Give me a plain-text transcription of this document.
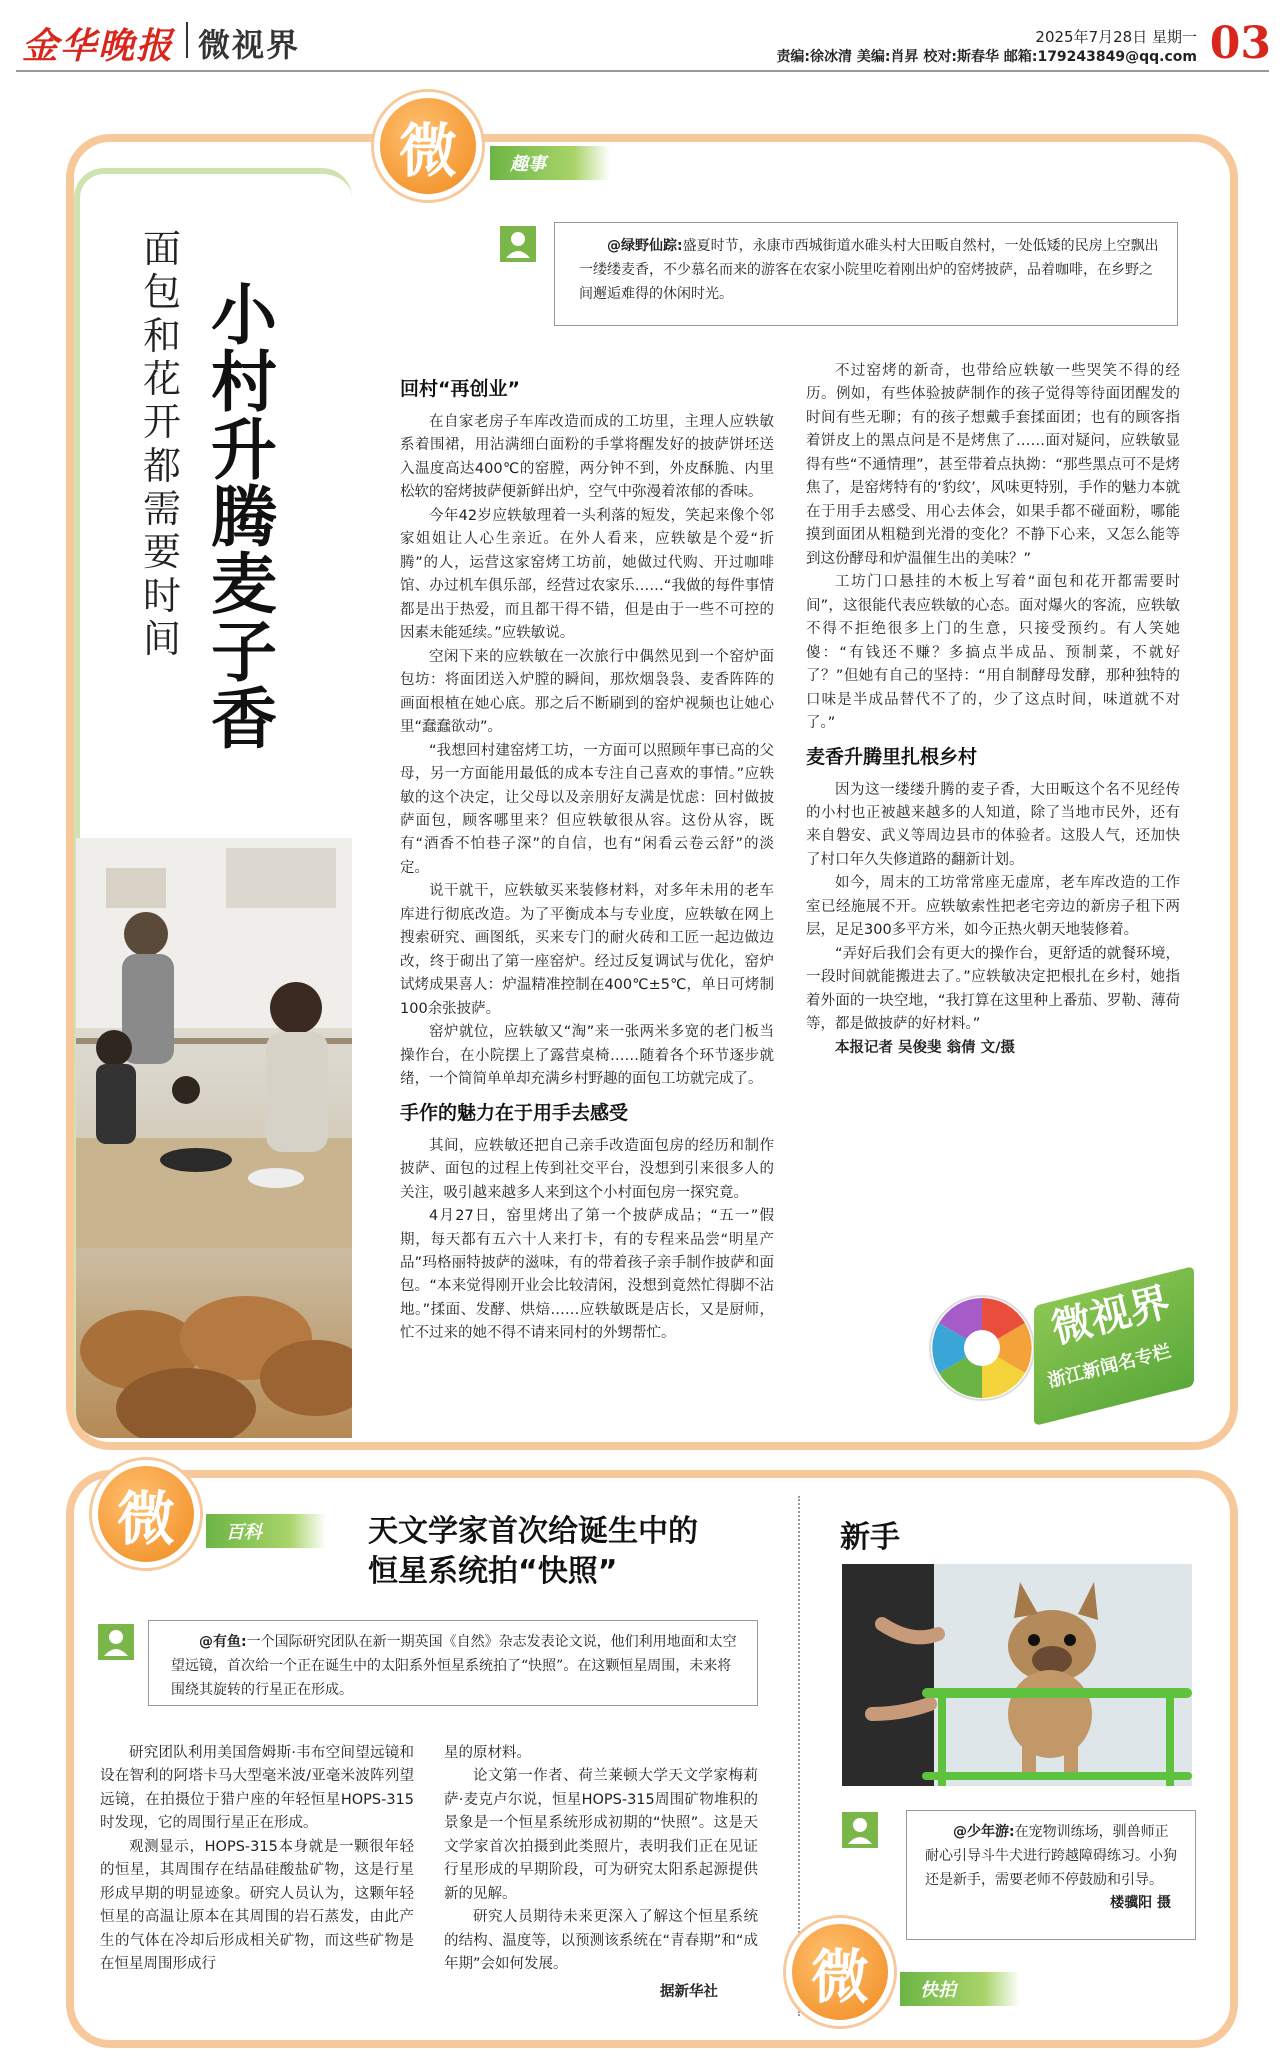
金华晚报 微视界	2025年7月28日 星期一
责编:徐冰清 美编:肖昇 校对:斯春华 邮箱:179243849@qq.com 03
微	趣事
小村升腾麦子香
面包和花开都需要时间
@绿野仙踪:盛夏时节，永康市西城街道水碓头村大田畈自然村，一处低矮的民房上空飘出一缕缕麦香，不少慕名而来的游客在农家小院里吃着刚出炉的窑烤披萨，品着咖啡，在乡野之间邂逅难得的休闲时光。
回村“再创业”

在自家老房子车库改造而成的工坊里，主理人应轶敏系着围裙，用沾满细白面粉的手掌将醒发好的披萨饼坯送入温度高达400℃的窑膛，两分钟不到，外皮酥脆、内里松软的窑烤披萨便新鲜出炉，空气中弥漫着浓郁的香味。

今年42岁应轶敏理着一头利落的短发，笑起来像个邻家姐姐让人心生亲近。在外人看来，应轶敏是个爱“折腾”的人，运营这家窑烤工坊前，她做过代购、开过咖啡馆、办过机车俱乐部，经营过农家乐……“我做的每件事情都是出于热爱，而且都干得不错，但是由于一些不可控的因素未能延续。”应轶敏说。

空闲下来的应轶敏在一次旅行中偶然见到一个窑炉面包坊：将面团送入炉膛的瞬间，那炊烟袅袅、麦香阵阵的画面根植在她心底。那之后不断刷到的窑炉视频也让她心里“蠢蠢欲动”。

“我想回村建窑烤工坊，一方面可以照顾年事已高的父母，另一方面能用最低的成本专注自己喜欢的事情。”应轶敏的这个决定，让父母以及亲朋好友满是忧虑：回村做披萨面包，顾客哪里来？但应轶敏很从容。这份从容，既有“酒香不怕巷子深”的自信，也有“闲看云卷云舒”的淡定。

说干就干，应轶敏买来装修材料，对多年未用的老车库进行彻底改造。为了平衡成本与专业度，应轶敏在网上搜索研究、画图纸，买来专门的耐火砖和工匠一起边做边改，终于砌出了第一座窑炉。经过反复调试与优化，窑炉试烤成果喜人：炉温精准控制在400℃±5℃，单日可烤制100余张披萨。

窑炉就位，应轶敏又“淘”来一张两米多宽的老门板当操作台，在小院摆上了露营桌椅……随着各个环节逐步就绪，一个简简单单却充满乡村野趣的面包工坊就完成了。

手作的魅力在于用手去感受

其间，应轶敏还把自己亲手改造面包房的经历和制作披萨、面包的过程上传到社交平台，没想到引来很多人的关注，吸引越来越多人来到这个小村面包房一探究竟。

4月27日，窑里烤出了第一个披萨成品；“五一”假期，每天都有五六十人来打卡，有的专程来品尝“明星产品”玛格丽特披萨的滋味，有的带着孩子亲手制作披萨和面包。“本来觉得刚开业会比较清闲，没想到竟然忙得脚不沾地。”揉面、发酵、烘焙……应轶敏既是店长，又是厨师，忙不过来的她不得不请来同村的外甥帮忙。

不过窑烤的新奇，也带给应轶敏一些哭笑不得的经历。例如，有些体验披萨制作的孩子觉得等待面团醒发的时间有些无聊；有的孩子想戴手套揉面团；也有的顾客指着饼皮上的黑点问是不是烤焦了……面对疑问，应轶敏显得有些“不通情理”，甚至带着点执拗：“那些黑点可不是烤焦了，是窑烤特有的‘豹纹’，风味更特别，手作的魅力本就在于用手去感受、用心去体会，如果手都不碰面粉，哪能摸到面团从粗糙到光滑的变化？不静下心来，又怎么能等到这份酵母和炉温催生出的美味？”

工坊门口悬挂的木板上写着“面包和花开都需要时间”，这很能代表应轶敏的心态。面对爆火的客流，应轶敏不得不拒绝很多上门的生意，只接受预约。有人笑她傻：“有钱还不赚？多搞点半成品、预制菜，不就好了？”但她有自己的坚持：“用自制酵母发酵，那种独特的口味是半成品替代不了的，少了这点时间，味道就不对了。”

麦香升腾里扎根乡村

因为这一缕缕升腾的麦子香，大田畈这个名不见经传的小村也正被越来越多的人知道，除了当地市民外，还有来自磐安、武义等周边县市的体验者。这股人气，还加快了村口年久失修道路的翻新计划。

如今，周末的工坊常常座无虚席，老车库改造的工作室已经施展不开。应轶敏索性把老宅旁边的新房子租下两层，足足300多平方米，如今正热火朝天地装修着。

“弄好后我们会有更大的操作台，更舒适的就餐环境，一段时间就能搬进去了。”应轶敏决定把根扎在乡村，她指着外面的一块空地，“我打算在这里种上番茄、罗勒、薄荷等，都是做披萨的好材料。”

本报记者 吴俊斐 翁倩 文/摄

微视界
浙江新闻名专栏
微	百科	天文学家首次给诞生中的
恒星系统拍“快照”
@有鱼:一个国际研究团队在新一期英国《自然》杂志发表论文说，他们利用地面和太空望远镜，首次给一个正在诞生中的太阳系外恒星系统拍了“快照”。在这颗恒星周围，未来将围绕其旋转的行星正在形成。

研究团队利用美国詹姆斯·韦布空间望远镜和设在智利的阿塔卡马大型毫米波/亚毫米波阵列望远镜，在拍摄位于猎户座的年轻恒星HOPS-315时发现，它的周围行星正在形成。

观测显示，HOPS-315本身就是一颗很年轻的恒星，其周围存在结晶硅酸盐矿物，这是行星形成早期的明显迹象。研究人员认为，这颗年轻恒星的高温让原本在其周围的岩石蒸发，由此产生的气体在冷却后形成相关矿物，而这些矿物是在恒星周围形成行

星的原材料。

论文第一作者、荷兰莱顿大学天文学家梅莉萨·麦克卢尔说，恒星HOPS-315周围矿物堆积的景象是一个恒星系统形成初期的“快照”。这是天文学家首次拍摄到此类照片，表明我们正在见证行星形成的早期阶段，可为研究太阳系起源提供新的见解。

研究人员期待未来更深入了解这个恒星系统的结构、温度等，以预测该系统在“青春期”和“成年期”会如何发展。

据新华社
新手
@少年游:在宠物训练场，驯兽师正耐心引导斗牛犬进行跨越障碍练习。小狗还是新手，需要老师不停鼓励和引导。
楼骥阳 摄
微	快拍
